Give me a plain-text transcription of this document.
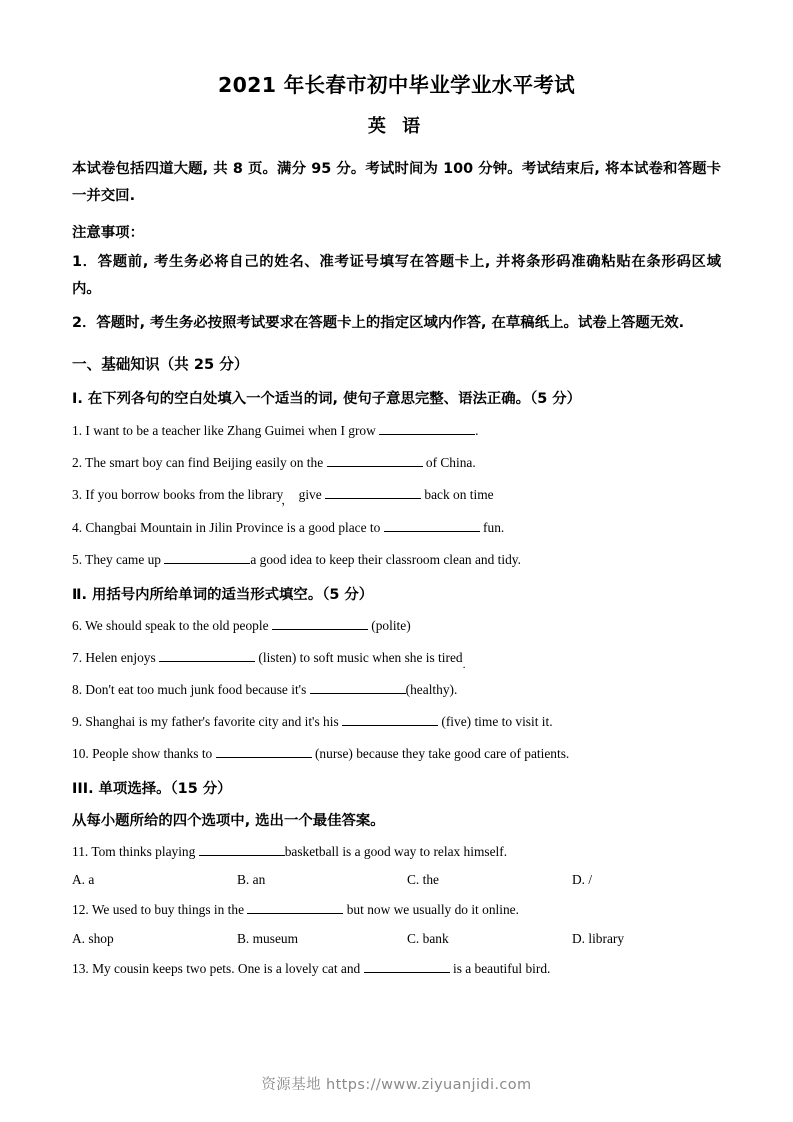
2021 年长春市初中毕业学业水平考试
英 语
本试卷包括四道大题, 共 8 页。满分 95 分。考试时间为 100 分钟。考试结束后, 将本试卷和答题卡一并交回.
注意事项：
1．答题前, 考生务必将自己的姓名、准考证号填写在答题卡上, 并将条形码准确粘贴在条形码区域内。
2．答题时, 考生务必按照考试要求在答题卡上的指定区域内作答, 在草稿纸上。试卷上答题无效.
一、基础知识（共 25 分）
I. 在下列各句的空白处填入一个适当的词, 使句子意思完整、语法正确。（5 分）
1. I want to be a teacher like Zhang Guimei when I grow	.
2. The smart boy can find Beijing easily on the	of China.
3. If you borrow books from the library， give	back on time
4. Changbai Mountain in Jilin Province is a good place to	fun.
5. They came up	a good idea to keep their classroom clean and tidy.
Ⅱ. 用括号内所给单词的适当形式填空。（5 分）
6. We should speak to the old people	(polite)
7. Helen enjoys	(listen) to soft music when she is tired.
8. Don't eat too much junk food because it's	(healthy).
9. Shanghai is my father's favorite city and it's his	(five) time to visit it.
10. People show thanks to	(nurse) because they take good care of patients.
III. 单项选择。（15 分）
从每小题所给的四个选项中, 选出一个最佳答案。
11. Tom thinks playing	basketball is a good way to relax himself.
A. a	B. an	C. the	D. /
12. We used to buy things in the	but now we usually do it online.
A. shop	B. museum	C. bank	D. library
13. My cousin keeps two pets. One is a lovely cat and	is a beautiful bird.
资源基地 https://www.ziyuanjidi.com
